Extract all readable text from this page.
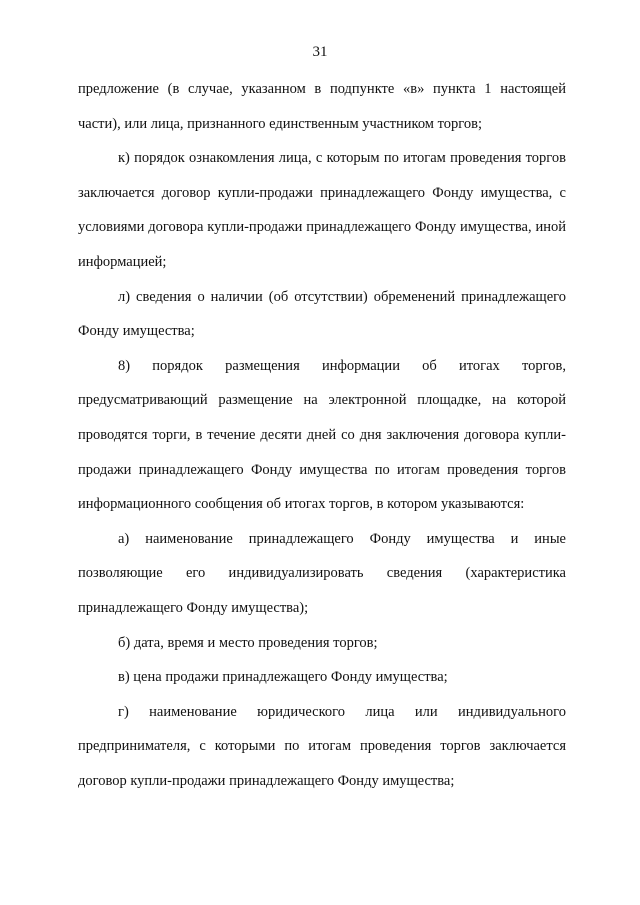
31

предложение (в случае, указанном в подпункте «в» пункта 1 настоящей части), или лица, признанного единственным участником торгов;

к) порядок ознакомления лица, с которым по итогам проведения торгов заключается договор купли-продажи принадлежащего Фонду имущества, с условиями договора купли-продажи принадлежащего Фонду имущества, иной информацией;

л) сведения о наличии (об отсутствии) обременений принадлежащего Фонду имущества;

8) порядок размещения информации об итогах торгов, предусматривающий размещение на электронной площадке, на которой проводятся торги, в течение десяти дней со дня заключения договора купли-продажи принадлежащего Фонду имущества по итогам проведения торгов информационного сообщения об итогах торгов, в котором указываются:

а) наименование принадлежащего Фонду имущества и иные позволяющие его индивидуализировать сведения (характеристика принадлежащего Фонду имущества);

б) дата, время и место проведения торгов;

в) цена продажи принадлежащего Фонду имущества;

г) наименование юридического лица или индивидуального предпринимателя, с которыми по итогам проведения торгов заключается договор купли-продажи принадлежащего Фонду имущества;
